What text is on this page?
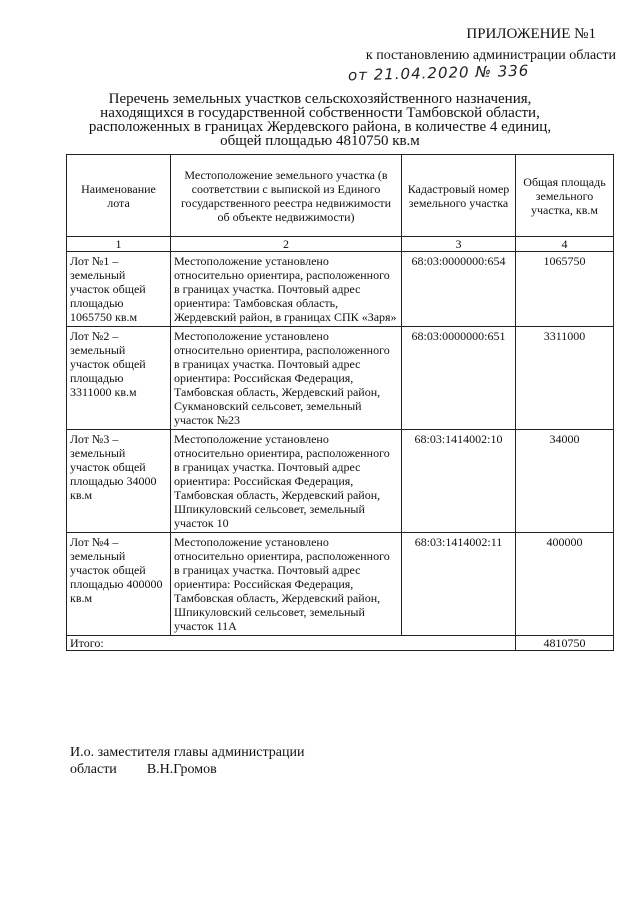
ПРИЛОЖЕНИЕ №1
к постановлению администрации области
от 21.04.2020 № 336
Перечень земельных участков сельскохозяйственного назначения,
находящихся в государственной собственности Тамбовской области,
расположенных в границах Жердевского района, в количестве 4 единиц,
общей площадью 4810750 кв.м
Наименование лота	Местоположение земельного участка (в соответствии с выпиской из Единого государственного реестра недвижимости об объекте недвижимости)	Кадастровый номер земельного участка	Общая площадь земельного участка, кв.м
1	2	3	4
Лот №1 – земельный участок общей площадью 1065750 кв.м	Местоположение установлено относительно ориентира, расположенного в границах участка. Почтовый адрес ориентира: Тамбовская область, Жердевский район, в границах СПК «Заря»	68:03:0000000:654	1065750
Лот №2 – земельный участок общей площадью 3311000 кв.м	Местоположение установлено относительно ориентира, расположенного в границах участка. Почтовый адрес ориентира: Российская Федерация, Тамбовская область, Жердевский район, Сукмановский сельсовет, земельный участок №23	68:03:0000000:651	3311000
Лот №3 – земельный участок общей площадью 34000 кв.м	Местоположение установлено относительно ориентира, расположенного в границах участка. Почтовый адрес ориентира: Российская Федерация, Тамбовская область, Жердевский район, Шпикуловский сельсовет, земельный участок 10	68:03:1414002:10	34000
Лот №4 – земельный участок общей площадью 400000 кв.м	Местоположение установлено относительно ориентира, расположенного в границах участка. Почтовый адрес ориентира: Российская Федерация, Тамбовская область, Жердевский район, Шпикуловский сельсовет, земельный участок 11А	68:03:1414002:11	400000
Итого:			4810750
И.о. заместителя главы администрации
области В.Н.Громов
